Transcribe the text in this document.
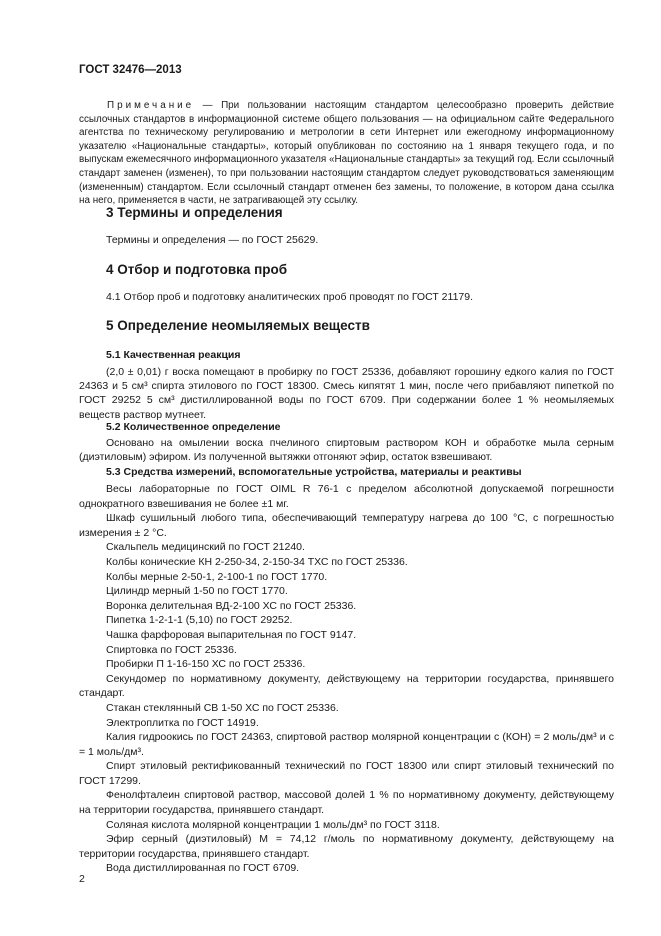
ГОСТ 32476—2013
Примечание — При пользовании настоящим стандартом целесообразно проверить действие ссылочных стандартов в информационной системе общего пользования — на официальном сайте Федерального агентства по техническому регулированию и метрологии в сети Интернет или ежегодному информационному указателю «Национальные стандарты», который опубликован по состоянию на 1 января текущего года, и по выпускам ежемесячного информационного указателя «Национальные стандарты» за текущий год. Если ссылочный стандарт заменен (изменен), то при пользовании настоящим стандартом следует руководствоваться заменяющим (измененным) стандартом. Если ссылочный стандарт отменен без замены, то положение, в котором дана ссылка на него, применяется в части, не затрагивающей эту ссылку.
3 Термины и определения

Термины и определения — по ГОСТ 25629.

4 Отбор и подготовка проб

4.1 Отбор проб и подготовку аналитических проб проводят по ГОСТ 21179.

5 Определение неомыляемых веществ
5.1 Качественная реакция

(2,0 ± 0,01) г воска помещают в пробирку по ГОСТ 25336, добавляют горошину едкого калия по ГОСТ 24363 и 5 см³ спирта этилового по ГОСТ 18300. Смесь кипятят 1 мин, после чего прибавляют пипеткой по ГОСТ 29252 5 см³ дистиллированной воды по ГОСТ 6709. При содержании более 1 % неомыляемых веществ раствор мутнеет.

5.2 Количественное определение

Основано на омылении воска пчелиного спиртовым раствором КОН и обработке мыла серным (диэтиловым) эфиром. Из полученной вытяжки отгоняют эфир, остаток взвешивают.

5.3 Средства измерений, вспомогательные устройства, материалы и реактивы

Весы лабораторные по ГОСТ OIML R 76-1 с пределом абсолютной допускаемой погрешности однократного взвешивания не более ±1 мг.

Шкаф сушильный любого типа, обеспечивающий температуру нагрева до 100 °С, с погрешностью измерения ± 2 °С.

Скальпель медицинский по ГОСТ 21240.

Колбы конические КН 2-250-34, 2-150-34 ТХС по ГОСТ 25336.

Колбы мерные 2-50-1, 2-100-1 по ГОСТ 1770.

Цилиндр мерный 1-50 по ГОСТ 1770.

Воронка делительная ВД-2-100 ХС по ГОСТ 25336.

Пипетка 1-2-1-1 (5,10) по ГОСТ 29252.

Чашка фарфоровая выпарительная по ГОСТ 9147.

Спиртовка по ГОСТ 25336.

Пробирки П 1-16-150 ХС по ГОСТ 25336.

Секундомер по нормативному документу, действующему на территории государства, принявшего стандарт.

Стакан стеклянный СВ 1-50 ХС по ГОСТ 25336.

Электроплитка по ГОСТ 14919.

Калия гидроокись по ГОСТ 24363, спиртовой раствор молярной концентрации с (КОН) = 2 моль/дм³ и с = 1 моль/дм³.

Спирт этиловый ректификованный технический по ГОСТ 18300 или спирт этиловый технический по ГОСТ 17299.

Фенолфталеин спиртовой раствор, массовой долей 1 % по нормативному документу, действующему на территории государства, принявшего стандарт.

Соляная кислота молярной концентрации 1 моль/дм³ по ГОСТ 3118.

Эфир серный (диэтиловый) М = 74,12 г/моль по нормативному документу, действующему на территории государства, принявшего стандарт.

Вода дистиллированная по ГОСТ 6709.

2
